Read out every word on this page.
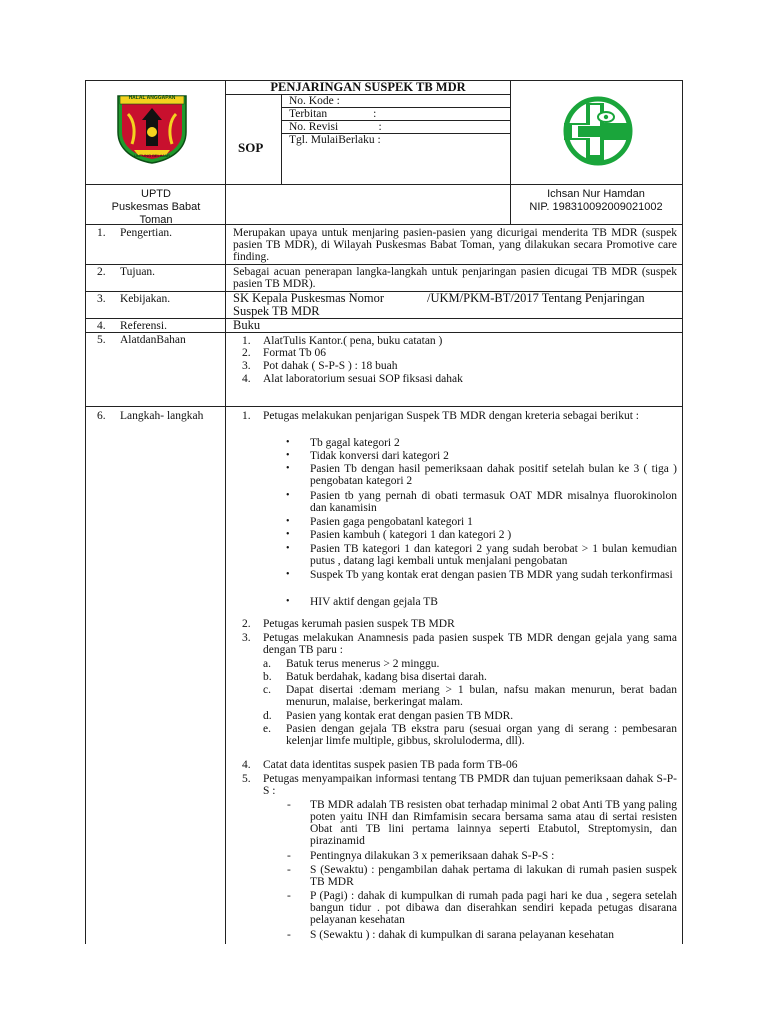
PENJARINGAN SUSPEK TB MDR
SOP
No. Kode :
Terbitan                :
No. Revisi              :
Tgl. MulaiBerlaku :
HALAL ANGGAPAN
UNTUNG BELAJAR
UPTD
Puskesmas Babat
Toman
Ichsan Nur Hamdan
NIP. 198310092009021002
1. Pengertian.	Merupakan upaya untuk menjaring pasien-pasien yang dicurigai menderita TB MDR (suspek pasien TB MDR), di Wilayah Puskesmas Babat Toman, yang dilakukan secara Promotive care finding.
2. Tujuan.	Sebagai acuan penerapan langka-langkah untuk penjaringan pasien dicugai TB MDR (suspek pasien TB MDR).
3. Kebijakan.	SK Kepala Puskesmas Nomor	/UKM/PKM-BT/2017 Tentang Penjaringan
Suspek TB MDR
4. Referensi.	Buku
5. AlatdanBahan	1. AlatTulis Kantor.( pena, buku catatan )
2. Format Tb 06
3. Pot dahak ( S-P-S ) : 18 buah
4. Alat laboratorium sesuai SOP fiksasi dahak
6. Langkah- langkah	1. Petugas melakukan penjarigan Suspek TB MDR dengan kreteria sebagai berikut :
• Tb gagal kategori 2
• Tidak konversi dari kategori 2
• Pasien Tb dengan hasil pemeriksaan dahak positif setelah bulan ke 3 ( tiga ) pengobatan kategori 2
• Pasien tb yang pernah di obati termasuk OAT MDR misalnya fluorokinolon dan kanamisin
• Pasien gaga pengobatanl kategori 1
• Pasien kambuh ( kategori 1 dan kategori 2 )
• Pasien TB kategori 1 dan kategori 2 yang sudah berobat > 1 bulan kemudian putus , datang lagi kembali untuk menjalani pengobatan
• Suspek Tb yang kontak erat dengan pasien TB MDR yang sudah terkonfirmasi
• HIV aktif dengan gejala TB
2. Petugas kerumah pasien suspek TB MDR
3. Petugas melakukan Anamnesis pada pasien suspek TB MDR dengan gejala yang sama dengan TB paru :
a. Batuk terus menerus > 2 minggu.
b. Batuk berdahak, kadang bisa disertai darah.
c. Dapat disertai :demam meriang > 1 bulan, nafsu makan menurun, berat badan menurun, malaise, berkeringat malam.
d. Pasien yang kontak erat dengan pasien TB MDR.
e. Pasien dengan gejala TB ekstra paru (sesuai organ yang di serang : pembesaran kelenjar limfe multiple, gibbus, skroluloderma, dll).
4. Catat data identitas suspek pasien TB pada form TB-06
5. Petugas menyampaikan informasi tentang TB PMDR dan tujuan pemeriksaan dahak S-P-S :
- TB MDR adalah TB resisten obat terhadap minimal 2 obat Anti TB yang paling poten yaitu INH dan Rimfamisin secara bersama sama atau di sertai resisten Obat anti TB lini pertama lainnya seperti Etabutol, Streptomysin, dan pirazinamid
- Pentingnya dilakukan 3 x pemeriksaan dahak S-P-S :
- S (Sewaktu) : pengambilan dahak pertama di lakukan di rumah pasien suspek TB MDR
- P (Pagi) : dahak di kumpulkan di rumah pada pagi hari ke dua , segera setelah bangun tidur . pot dibawa dan diserahkan sendiri kepada petugas disarana pelayanan kesehatan
- S (Sewaktu ) : dahak di kumpulkan di sarana pelayanan kesehatan
